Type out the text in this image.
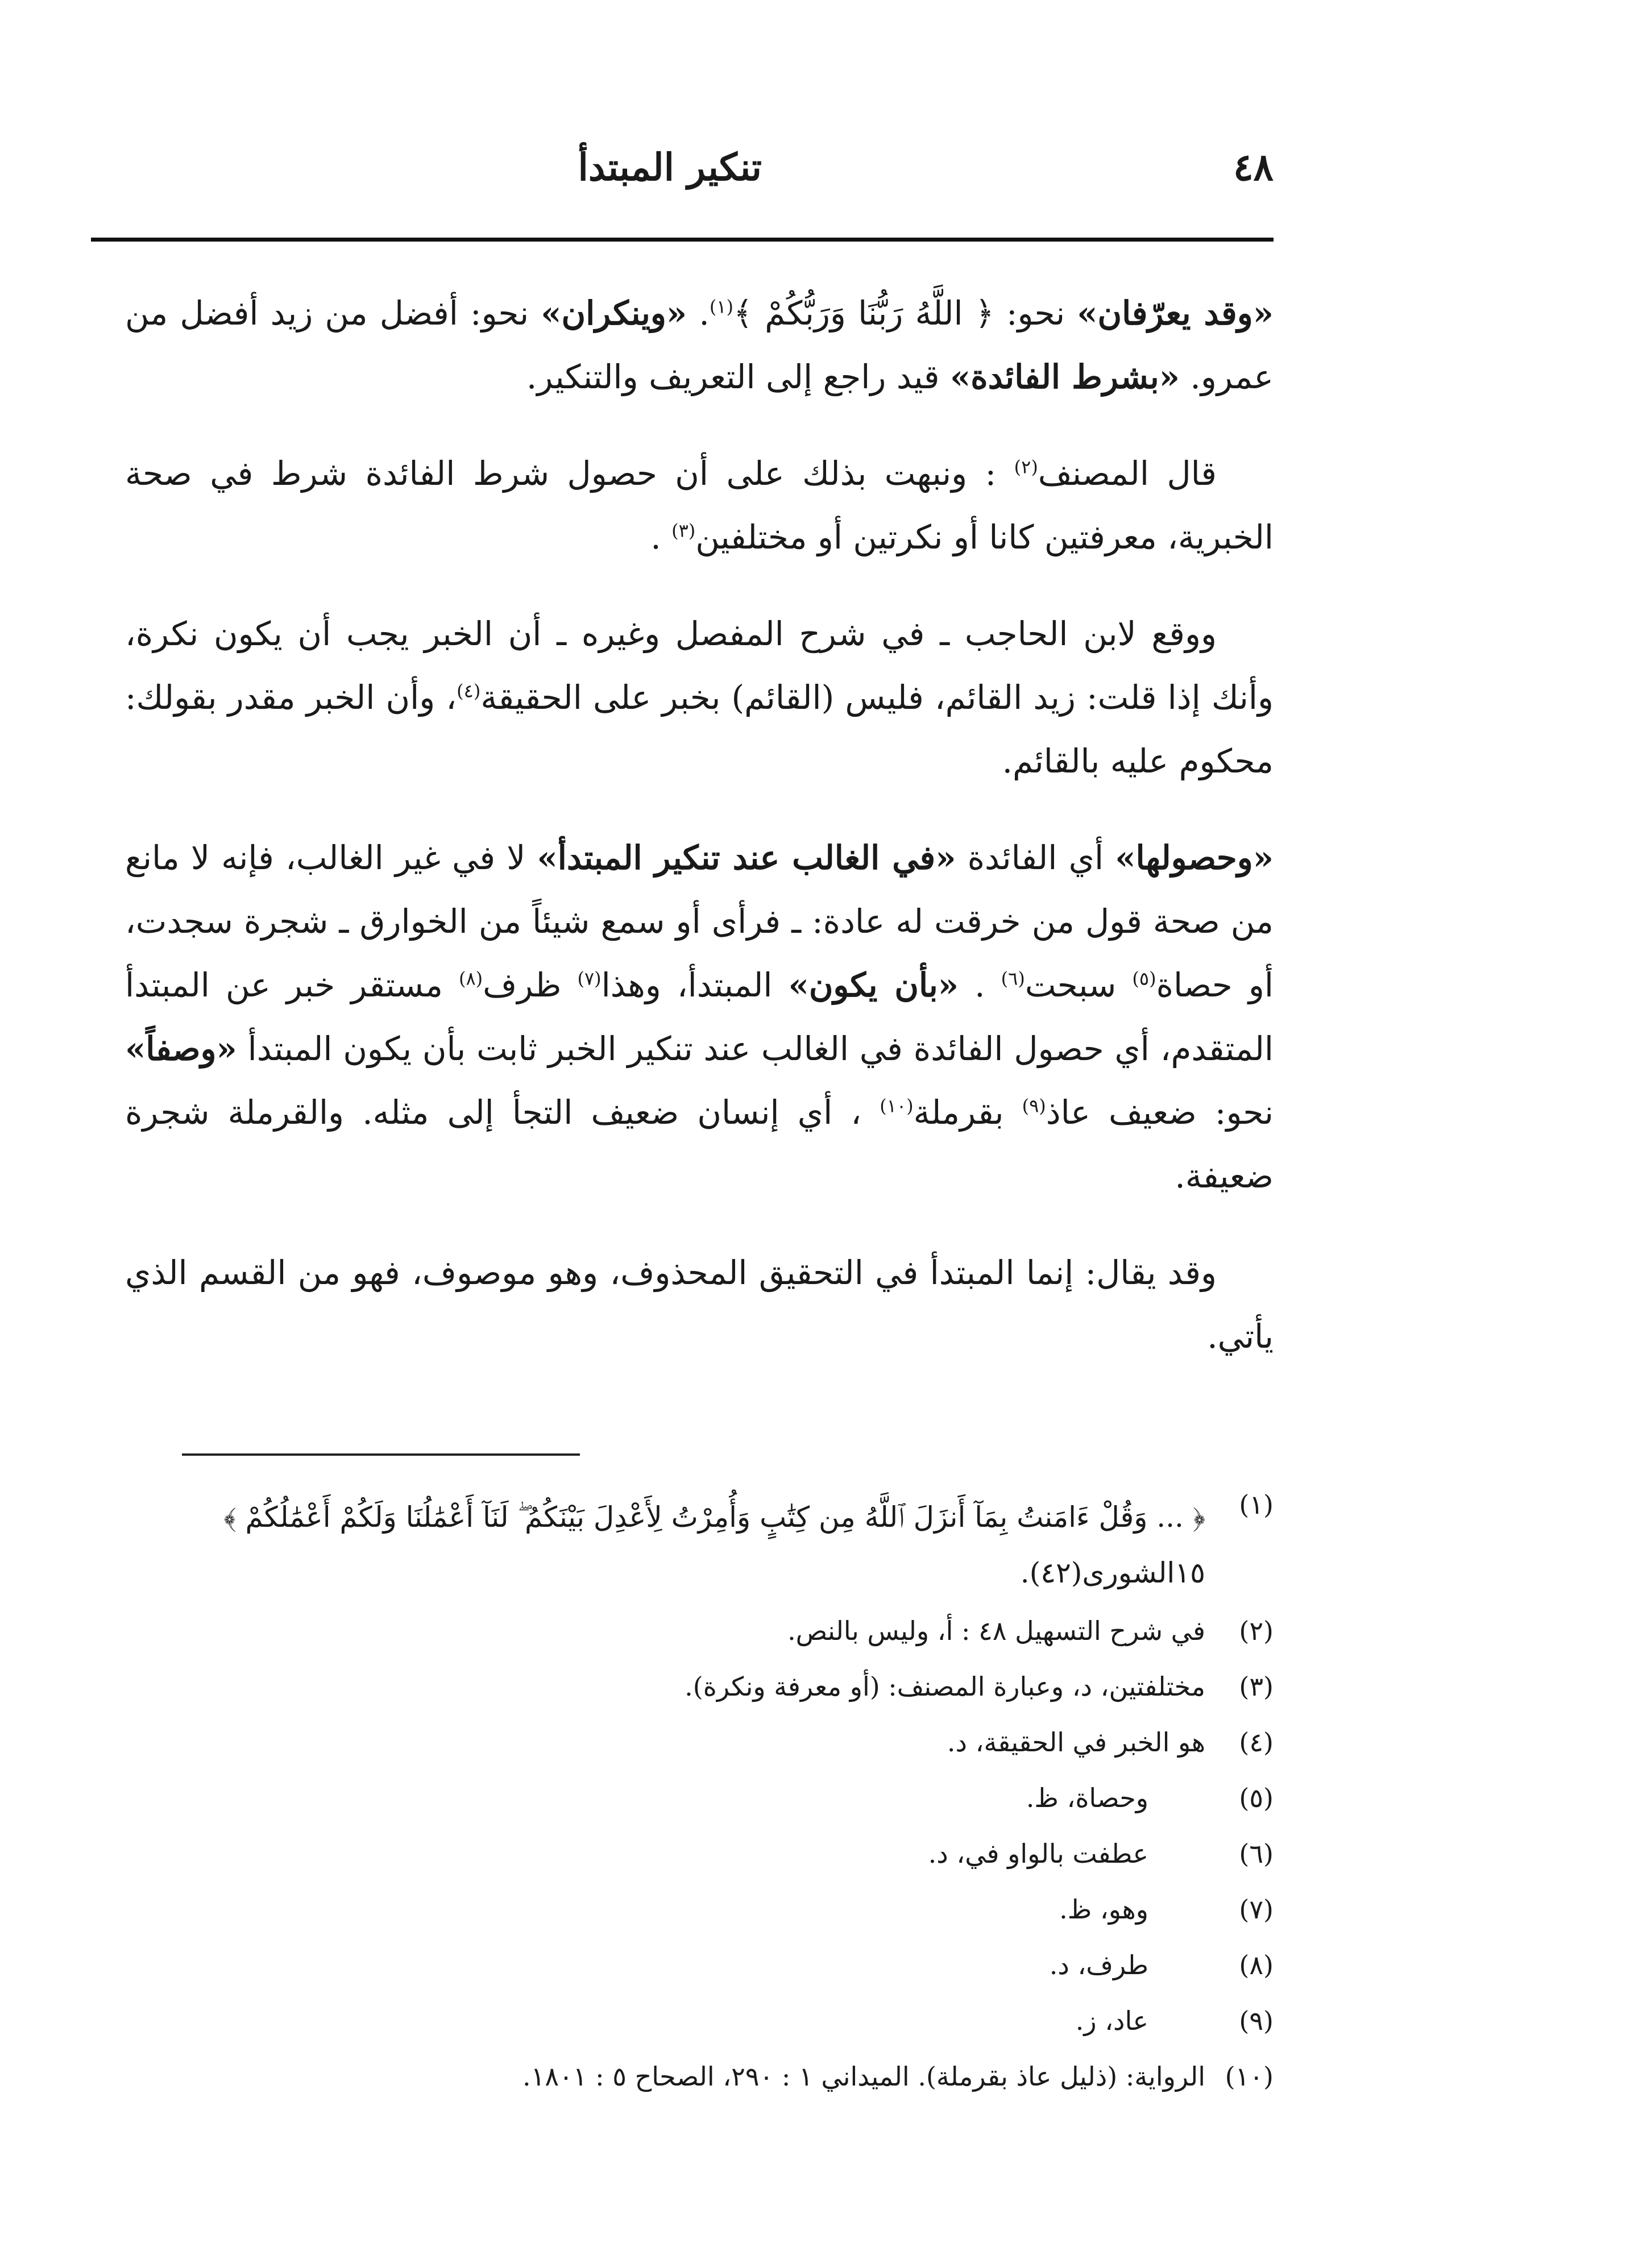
٤٨
تنكير المبتدأ

«وقد يعرّفان» نحو: ﴿ اللَّهُ رَبُّنَا وَرَبُّكُمْ ﴾$^{(١)}$. «وينكران» نحو: أفضل من زيد أفضل من عمرو. «بشرط الفائدة» قيد راجع إلى التعريف والتنكير.

قال المصنف$^{(٢)}$ : ونبهت بذلك على أن حصول شرط الفائدة شرط في صحة الخبرية، معرفتين كانا أو نكرتين أو مختلفين$^{(٣)}$ .

ووقع لابن الحاجب ـ في شرح المفصل وغيره ـ أن الخبر يجب أن يكون نكرة، وأنك إذا قلت: زيد القائم، فليس (القائم) بخبر على الحقيقة$^{(٤)}$، وأن الخبر مقدر بقولك: محكوم عليه بالقائم.

«وحصولها» أي الفائدة «في الغالب عند تنكير المبتدأ» لا في غير الغالب، فإنه لا مانع من صحة قول من خرقت له عادة: ـ فرأى أو سمع شيئاً من الخوارق ـ شجرة سجدت، أو حصاة$^{(٥)}$ سبحت$^{(٦)}$ . «بأن يكون» المبتدأ، وهذا$^{(٧)}$ ظرف$^{(٨)}$ مستقر خبر عن المبتدأ المتقدم، أي حصول الفائدة في الغالب عند تنكير الخبر ثابت بأن يكون المبتدأ «وصفاً» نحو: ضعيف عاذ$^{(٩)}$ بقرملة$^{(١٠)}$ ، أي إنسان ضعيف التجأ إلى مثله. والقرملة شجرة ضعيفة.

وقد يقال: إنما المبتدأ في التحقيق المحذوف، وهو موصوف، فهو من القسم الذي يأتي.

(١)
﴿ ... وَقُلْ ءَامَنتُ بِمَآ أَنزَلَ ٱللَّهُ مِن كِتَٰبٍ وَأُمِرْتُ لِأَعْدِلَ بَيْنَكُمُ ۖ لَنَآ أَعْمَٰلُنَا وَلَكُمْ أَعْمَٰلُكُمْ ﴾ ١٥الشورى(٤٢).
(٢)
في شرح التسهيل ٤٨ : أ، وليس بالنص.
(٣)
مختلفتين، د، وعبارة المصنف: (أو معرفة ونكرة).
(٤)
هو الخبر في الحقيقة، د.
(٥)
وحصاة، ظ.
(٦)
عطفت بالواو في، د.
(٧)
وهو، ظ.
(٨)
طرف، د.
(٩)
عاد، ز.
(١٠)
الرواية: (ذليل عاذ بقرملة). الميداني ١ : ٢٩٠، الصحاح ٥ : ١٨٠١.
